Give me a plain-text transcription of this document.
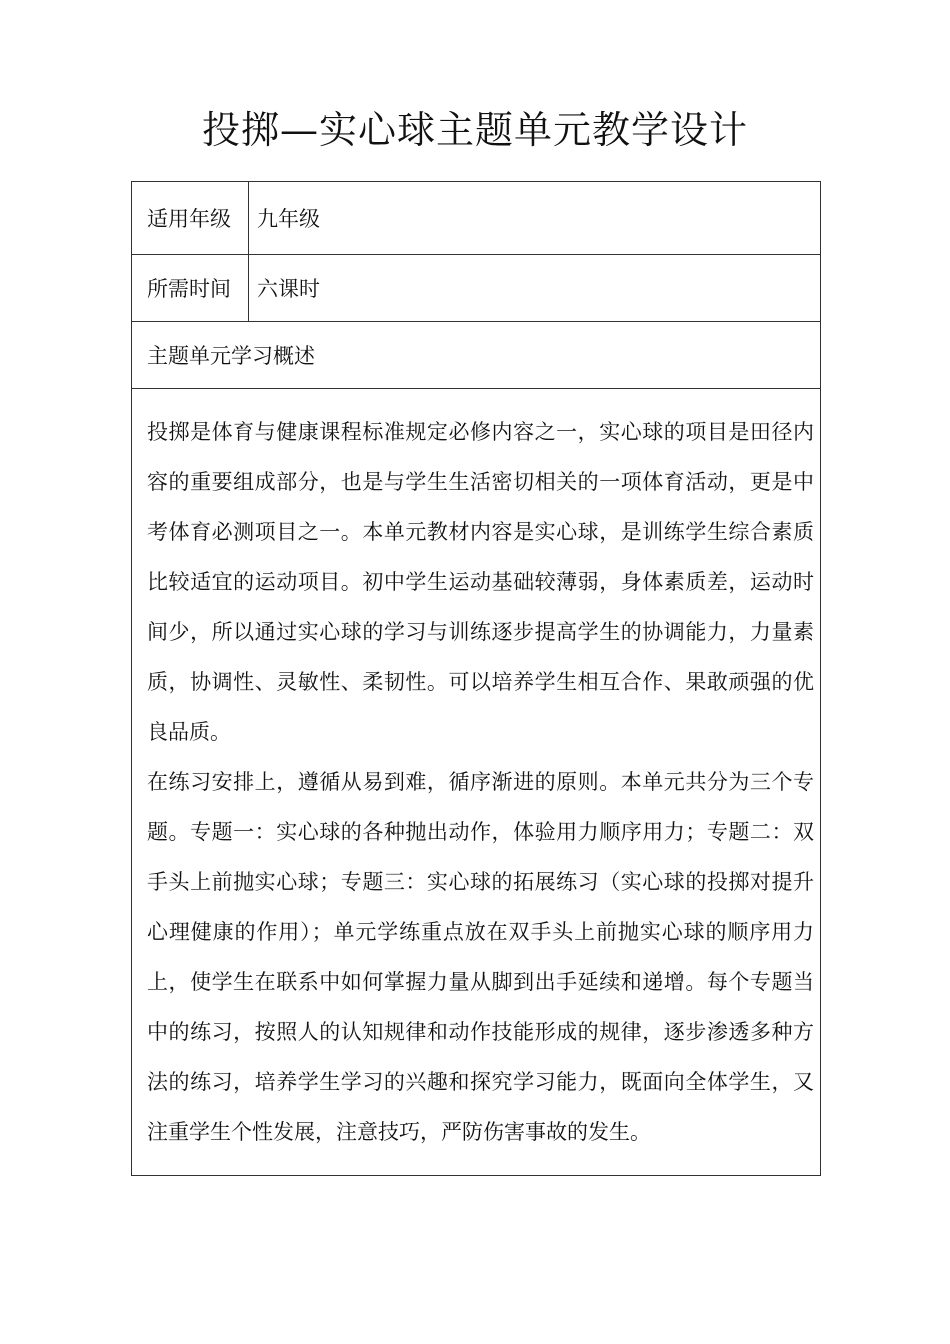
投掷—实心球主题单元教学设计
适用年级	九年级
所需时间	六课时
主题单元学习概述	

投掷是体育与健康课程标准规定必修内容之一，实心球的项目是田径内容的重要组成部分，也是与学生生活密切相关的一项体育活动，更是中考体育必测项目之一。本单元教材内容是实心球，是训练学生综合素质比较适宜的运动项目。初中学生运动基础较薄弱，身体素质差，运动时间少，所以通过实心球的学习与训练逐步提高学生的协调能力，力量素质，协调性、灵敏性、柔韧性。可以培养学生相互合作、果敢顽强的优良品质。

在练习安排上，遵循从易到难，循序渐进的原则。本单元共分为三个专题。专题一：实心球的各种抛出动作，体验用力顺序用力；专题二：双手头上前抛实心球；专题三：实心球的拓展练习（实心球的投掷对提升心理健康的作用）；单元学练重点放在双手头上前抛实心球的顺序用力上，使学生在联系中如何掌握力量从脚到出手延续和递增。每个专题当中的练习，按照人的认知规律和动作技能形成的规律，逐步渗透多种方法的练习，培养学生学习的兴趣和探究学习能力，既面向全体学生，又注重学生个性发展，注意技巧，严防伤害事故的发生。	
